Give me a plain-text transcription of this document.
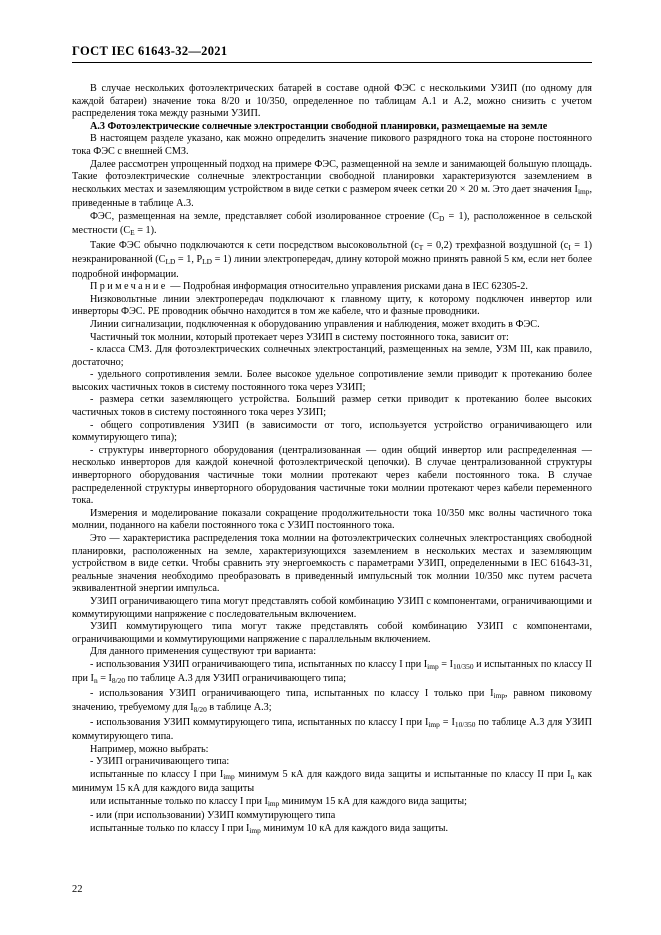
ГОСТ IEC 61643-32—2021

В случае нескольких фотоэлектрических батарей в составе одной ФЭС с несколькими УЗИП (по одному для каждой батареи) значение тока 8/20 и 10/350, определенное по таблицам А.1 и А.2, можно снизить с учетом распределения тока между разными УЗИП.

А.3 Фотоэлектрические солнечные электростанции свободной планировки, размещаемые на земле

В настоящем разделе указано, как можно определить значение пикового разрядного тока на стороне постоянного тока ФЭС с внешней СМЗ.

Далее рассмотрен упрощенный подход на примере ФЭС, размещенной на земле и занимающей большую площадь. Такие фотоэлектрические солнечные электростанции свободной планировки характеризуются заземлением в нескольких местах и заземляющим устройством в виде сетки с размером ячеек сетки 20 × 20 м. Это дает значения $I_{imp}$, приведенные в таблице А.3.

ФЭС, размещенная на земле, представляет собой изолированное строение $(C_D = 1)$, расположенное в сельской местности $(C_E = 1)$.

Такие ФЭС обычно подключаются к сети посредством высоковольтной $(c_T = 0,2)$ трехфазной воздушной $(c_I = 1)$ неэкранированной ($C_{LD} = 1$, $P_{LD} = 1$) линии электропередач, длину которой можно принять равной 5 км, если нет более подробной информации.

Примечание — Подробная информация относительно управления рисками дана в IEC 62305-2.

Низковольтные линии электропередач подключают к главному щиту, к которому подключен инвертор или инверторы ФЭС. РЕ проводник обычно находится в том же кабеле, что и фазные проводники.

Линии сигнализации, подключенная к оборудованию управления и наблюдения, может входить в ФЭС.

Частичный ток молнии, который протекает через УЗИП в систему постоянного тока, зависит от:

- класса СМЗ. Для фотоэлектрических солнечных электростанций, размещенных на земле, УЗМ III, как правило, достаточно;

- удельного сопротивления земли. Более высокое удельное сопротивление земли приводит к протеканию более высоких частичных токов в систему постоянного тока через УЗИП;

- размера сетки заземляющего устройства. Больший размер сетки приводит к протеканию более высоких частичных токов в систему постоянного тока через УЗИП;

- общего сопротивления УЗИП (в зависимости от того, используется устройство ограничивающего или коммутирующего типа);

- структуры инверторного оборудования (централизованная — один общий инвертор или распределенная — несколько инверторов для каждой конечной фотоэлектрической цепочки). В случае централизованной структуры инверторного оборудования частичные токи молнии протекают через кабели постоянного тока. В случае распределенной структуры инверторного оборудования частичные токи молнии протекают через кабели переменного тока.

Измерения и моделирование показали сокращение продолжительности тока 10/350 мкс волны частичного тока молнии, поданного на кабели постоянного тока с УЗИП постоянного тока.

Это — характеристика распределения тока молнии на фотоэлектрических солнечных электростанциях свободной планировки, расположенных на земле, характеризующихся заземлением в нескольких местах и заземляющим устройством в виде сетки. Чтобы сравнить эту энергоемкость с параметрами УЗИП, определенными в IEC 61643-31, реальные значения необходимо преобразовать в приведенный импульсный ток молнии 10/350 мкс путем расчета эквивалентной энергии импульса.

УЗИП ограничивающего типа могут представлять собой комбинацию УЗИП с компонентами, ограничивающими и коммутирующими напряжение с последовательным включением.

УЗИП коммутирующего типа могут также представлять собой комбинацию УЗИП с компонентами, ограничивающими и коммутирующими напряжение с параллельным включением.

Для данного применения существуют три варианта:

- использования УЗИП ограничивающего типа, испытанных по классу I при $I_{imp} = I_{10/350}$ и испытанных по классу II при $I_n = I_{8/20}$ по таблице А.3 для УЗИП ограничивающего типа;

- использования УЗИП ограничивающего типа, испытанных по классу I только при $I_{imp}$, равном пиковому значению, требуемому для $I_{8/20}$ в таблице А.3;

- использования УЗИП коммутирующего типа, испытанных по классу I при $I_{imp} = I_{10/350}$ по таблице А.3 для УЗИП коммутирующего типа.

Например, можно выбрать:

- УЗИП ограничивающего типа:

испытанные по классу I при $I_{imp}$ минимум 5 кА для каждого вида защиты и испытанные по классу II при $I_n$ как минимум 15 кА для каждого вида защиты

или испытанные только по классу I при $I_{imp}$ минимум 15 кА для каждого вида защиты;

- или (при использовании) УЗИП коммутирующего типа

испытанные только по классу I при $I_{imp}$ минимум 10 кА для каждого вида защиты.

22
